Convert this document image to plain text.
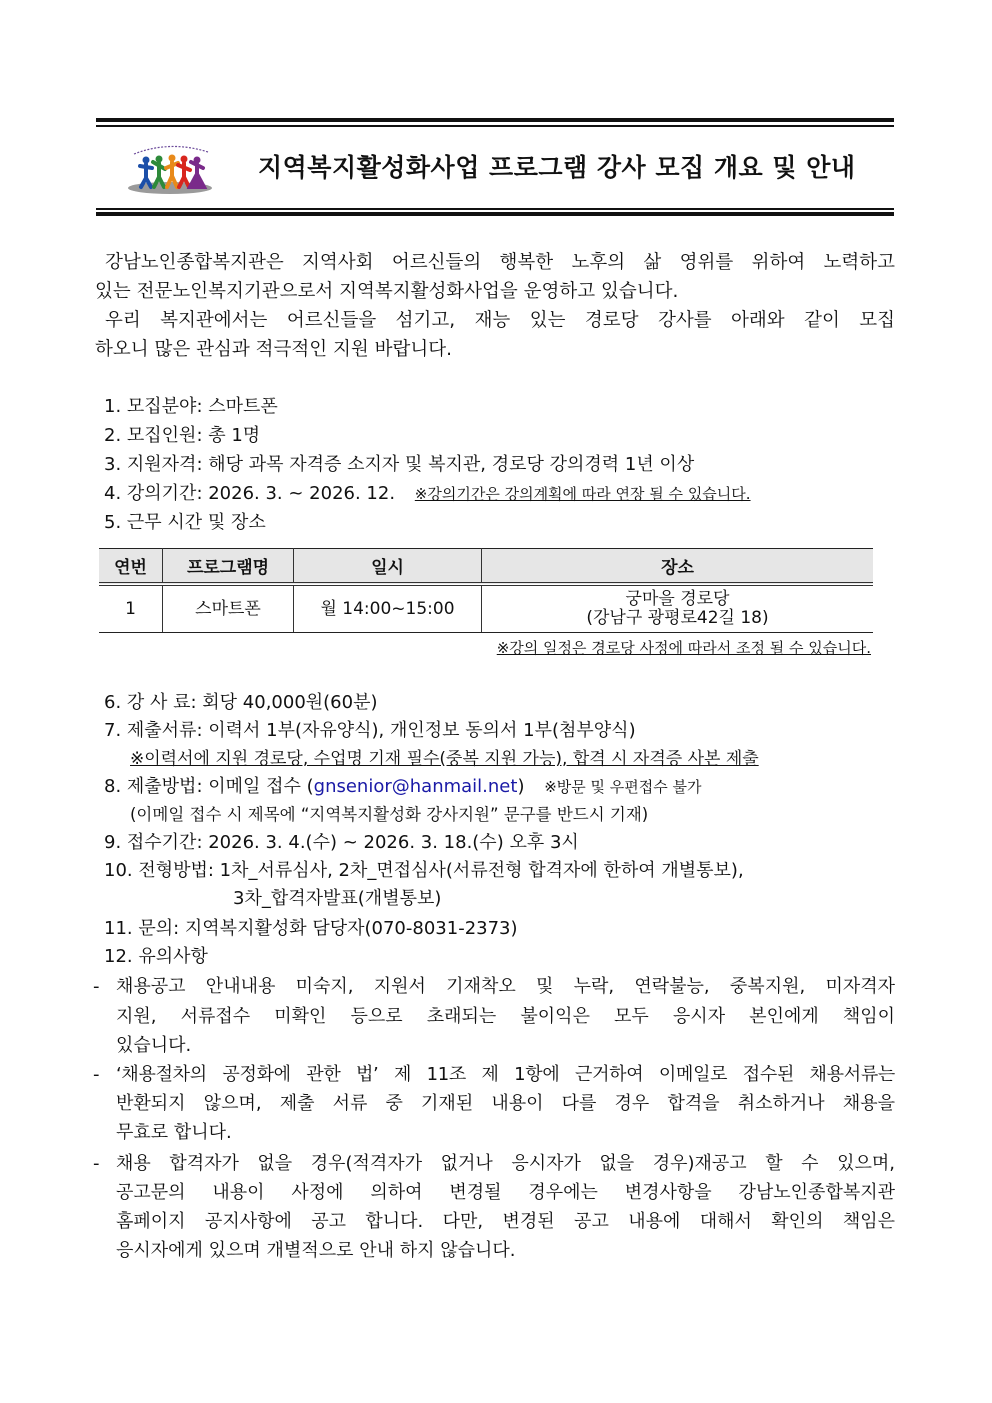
지역복지활성화사업 프로그램 강사 모집 개요 및 안내

강남노인종합복지관은 지역사회 어르신들의 행복한 노후의 삶 영위를 위하여 노력하고

있는 전문노인복지기관으로서 지역복지활성화사업을 운영하고 있습니다.

우리 복지관에서는 어르신들을 섬기고, 재능 있는 경로당 강사를 아래와 같이 모집

하오니 많은 관심과 적극적인 지원 바랍니다.

1. 모집분야: 스마트폰
2. 모집인원: 총 1명
3. 지원자격: 해당 과목 자격증 소지자 및 복지관, 경로당 강의경력 1년 이상
4. 강의기간: 2026. 3. ~ 2026. 12. ※강의기간은 강의계획에 따라 연장 될 수 있습니다.
5. 근무 시간 및 장소
연번	프로그램명	일시	장소
1	스마트폰	월 14:00~15:00	궁마을 경로당
(강남구 광평로42길 18)
※강의 일정은 경로당 사정에 따라서 조정 될 수 있습니다.
6. 강 사 료: 회당 40,000원(60분)
7. 제출서류: 이력서 1부(자유양식), 개인정보 동의서 1부(첨부양식)
※이력서에 지원 경로당, 수업명 기재 필수(중복 지원 가능), 합격 시 자격증 사본 제출
8. 제출방법: 이메일 접수 (gnsenior@hanmail.net) ※방문 및 우편접수 불가
(이메일 접수 시 제목에 “지역복지활성화 강사지원” 문구를 반드시 기재)
9. 접수기간: 2026. 3. 4.(수) ~ 2026. 3. 18.(수) 오후 3시
10. 전형방법: 1차_서류심사, 2차_면접심사(서류전형 합격자에 한하여 개별통보),
3차_합격자발표(개별통보)
11. 문의: 지역복지활성화 담당자(070-8031-2373)
12. 유의사항
- 채용공고 안내내용 미숙지, 지원서 기재착오 및 누락, 연락불능, 중복지원, 미자격자
지원, 서류접수 미확인 등으로 초래되는 불이익은 모두 응시자 본인에게 책임이
있습니다.
- ‘채용절차의 공정화에 관한 법’ 제 11조 제 1항에 근거하여 이메일로 접수된 채용서류는
반환되지 않으며, 제출 서류 중 기재된 내용이 다를 경우 합격을 취소하거나 채용을
무효로 합니다.
- 채용 합격자가 없을 경우(적격자가 없거나 응시자가 없을 경우)재공고 할 수 있으며,
공고문의 내용이 사정에 의하여 변경될 경우에는 변경사항을 강남노인종합복지관
홈페이지 공지사항에 공고 합니다. 다만, 변경된 공고 내용에 대해서 확인의 책임은
응시자에게 있으며 개별적으로 안내 하지 않습니다.
